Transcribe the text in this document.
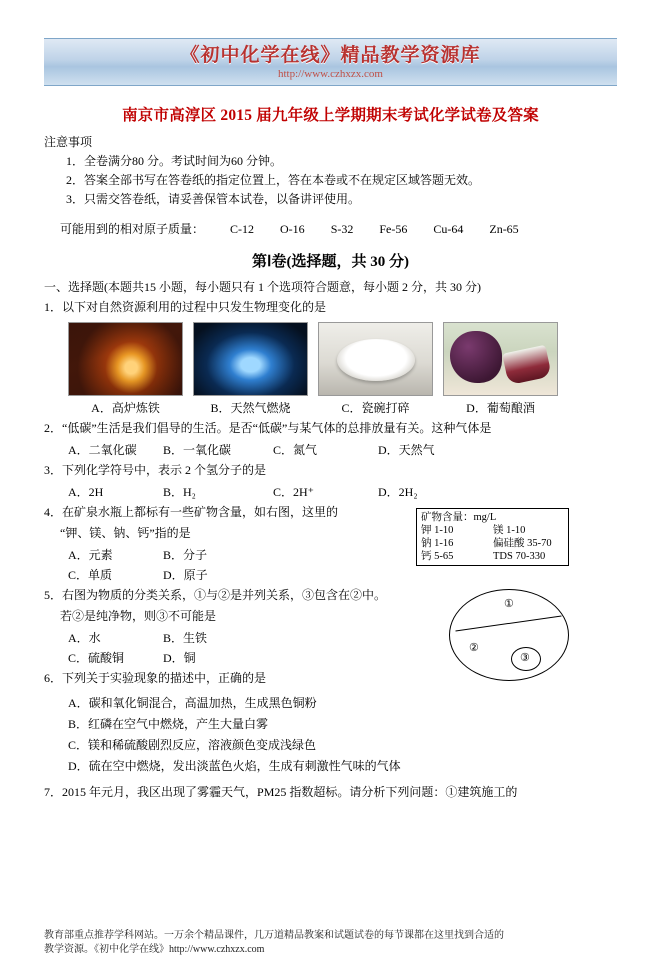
《初中化学在线》精品教学资源库
http://www.czhxzx.com
南京市高淳区 2015 届九年级上学期期末考试化学试卷及答案
注意事项
1．全卷满分80 分。考试时间为60 分钟。
2．答案全部书写在答卷纸的指定位置上，答在本卷或不在规定区域答题无效。
3．只需交答卷纸，请妥善保管本试卷，以备讲评使用。
可能用到的相对原子质量： C-12 O-16 S-32 Fe-56 Cu-64 Zn-65
第Ⅰ卷(选择题，共 30 分)
一、选择题(本题共15 小题，每小题只有 1 个选项符合题意，每小题 2 分，共 30 分)
1．以下对自然资源利用的过程中只发生物理变化的是
A．高炉炼铁	B．天然气燃烧	C．瓷碗打碎	D．葡萄酿酒
2．“低碳”生活是我们倡导的生活。是否“低碳”与某气体的总排放量有关。这种气体是
A．二氧化碳 B．一氧化碳	C．氮气	D．天然气
3．下列化学符号中，表示 2 个氢分子的是
A．2H	B．H₂	C．2H⁺	D．2H₂
矿物含量：mg/L
钾 1-10	镁 1-10
钠 1-16	偏硅酸 35-70
钙 5-65	TDS 70-330
4．在矿泉水瓶上都标有一些矿物含量，如右图，这里的
“钾、镁、钠、钙”指的是
A．元素	B．分子
C．单质	D．原子
①
②
③
5．右图为物质的分类关系，①与②是并列关系，③包含在②中。
若②是纯净物，则③不可能是
A．水	B．生铁
C．硫酸铜	D．铜
6．下列关于实验现象的描述中，正确的是
A．碳和氧化铜混合，高温加热，生成黑色铜粉
B．红磷在空气中燃烧，产生大量白雾
C．镁和稀硫酸剧烈反应，溶液颜色变成浅绿色
D．硫在空中燃烧，发出淡蓝色火焰，生成有刺激性气味的气体
7．2015 年元月，我区出现了雾霾天气，PM25 指数超标。请分析下列问题：①建筑施工的
教育部重点推荐学科网站。一万余个精品课件，几万道精品教案和试题试卷的每节课都在这里找到合适的
教学资源。《初中化学在线》http://www.czhxzx.com
